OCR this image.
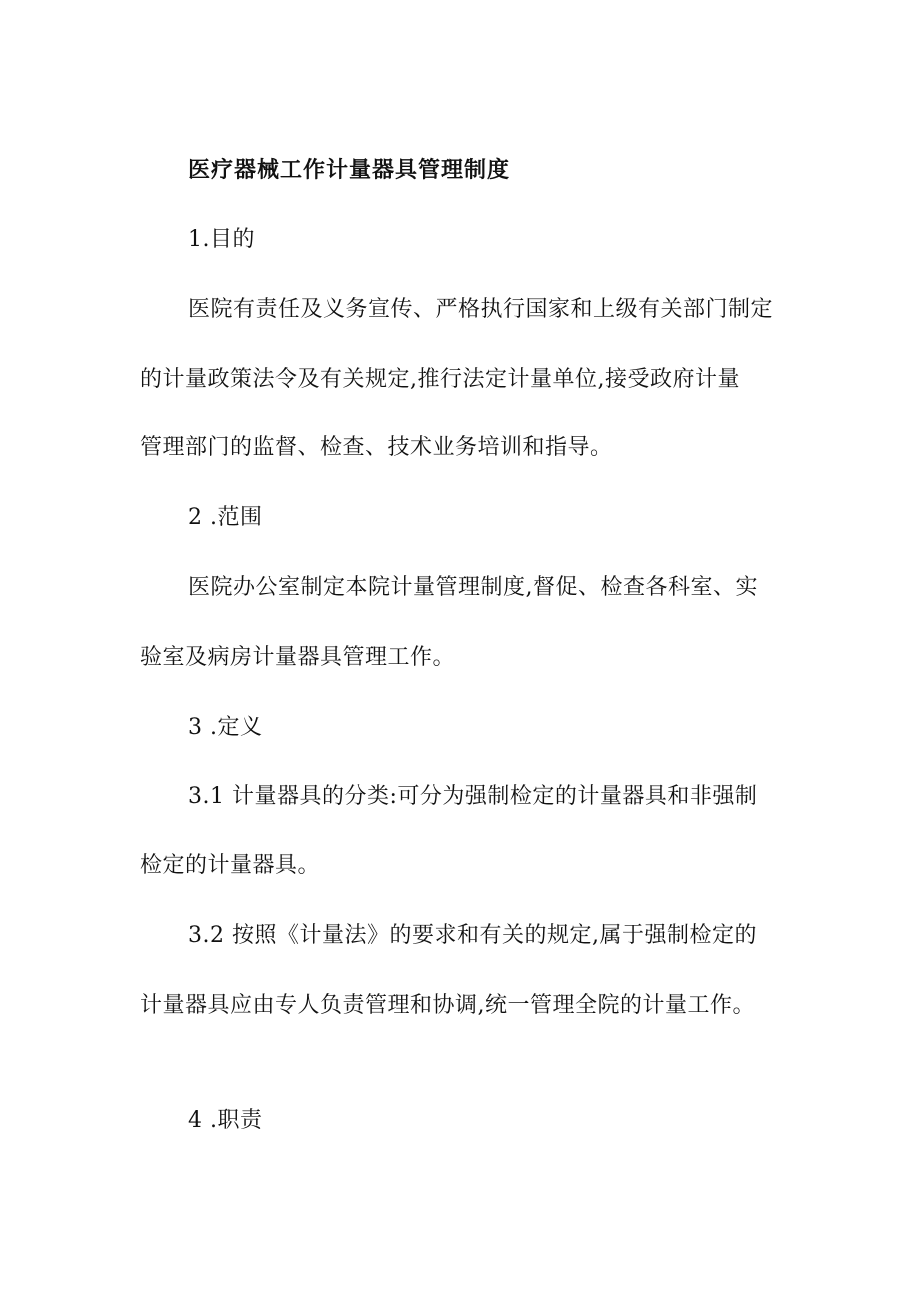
医疗器械工作计量器具管理制度
1.目的
医院有责任及义务宣传、严格执行国家和上级有关部门制定
的计量政策法令及有关规定,推行法定计量单位,接受政府计量
管理部门的监督、检查、技术业务培训和指导。
2 .范围
医院办公室制定本院计量管理制度,督促、检查各科室、实
验室及病房计量器具管理工作。
3 .定义
3.1 计量器具的分类:可分为强制检定的计量器具和非强制
检定的计量器具。
3.2 按照《计量法》的要求和有关的规定,属于强制检定的
计量器具应由专人负责管理和协调,统一管理全院的计量工作。
4 .职责
